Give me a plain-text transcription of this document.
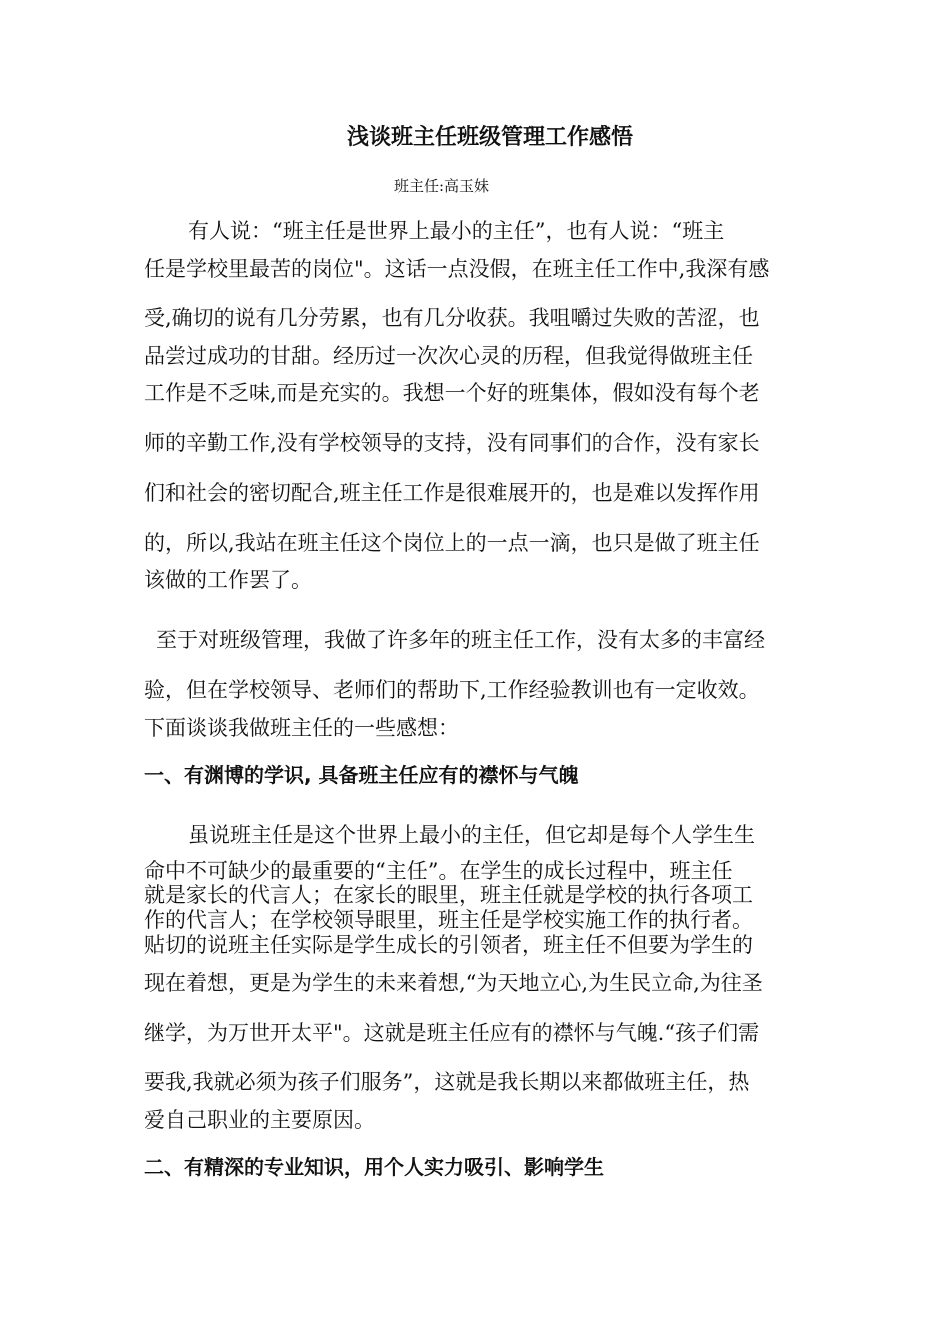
浅谈班主任班级管理工作感悟
班主任:高玉妹
有人说：“班主任是世界上最小的主任”，也有人说：“班主
任是学校里最苦的岗位"。这话一点没假，在班主任工作中,我深有感
受,确切的说有几分劳累，也有几分收获。我咀嚼过失败的苦涩，也
品尝过成功的甘甜。经历过一次次心灵的历程，但我觉得做班主任
工作是不乏味,而是充实的。我想一个好的班集体，假如没有每个老
师的辛勤工作,没有学校领导的支持，没有同事们的合作，没有家长
们和社会的密切配合,班主任工作是很难展开的，也是难以发挥作用
的，所以,我站在班主任这个岗位上的一点一滴，也只是做了班主任
该做的工作罢了。
至于对班级管理，我做了许多年的班主任工作，没有太多的丰富经
验，但在学校领导、老师们的帮助下,工作经验教训也有一定收效。
下面谈谈我做班主任的一些感想：
一、有渊博的学识, 具备班主任应有的襟怀与气魄
虽说班主任是这个世界上最小的主任，但它却是每个人学生生
命中不可缺少的最重要的“主任”。在学生的成长过程中，班主任
就是家长的代言人；在家长的眼里，班主任就是学校的执行各项工
作的代言人；在学校领导眼里，班主任是学校实施工作的执行者。
贴切的说班主任实际是学生成长的引领者，班主任不但要为学生的
现在着想，更是为学生的未来着想,“为天地立心,为生民立命,为往圣
继学，为万世开太平"。这就是班主任应有的襟怀与气魄.“孩子们需
要我,我就必须为孩子们服务”，这就是我长期以来都做班主任，热
爱自己职业的主要原因。
二、有精深的专业知识，用个人实力吸引、影响学生
